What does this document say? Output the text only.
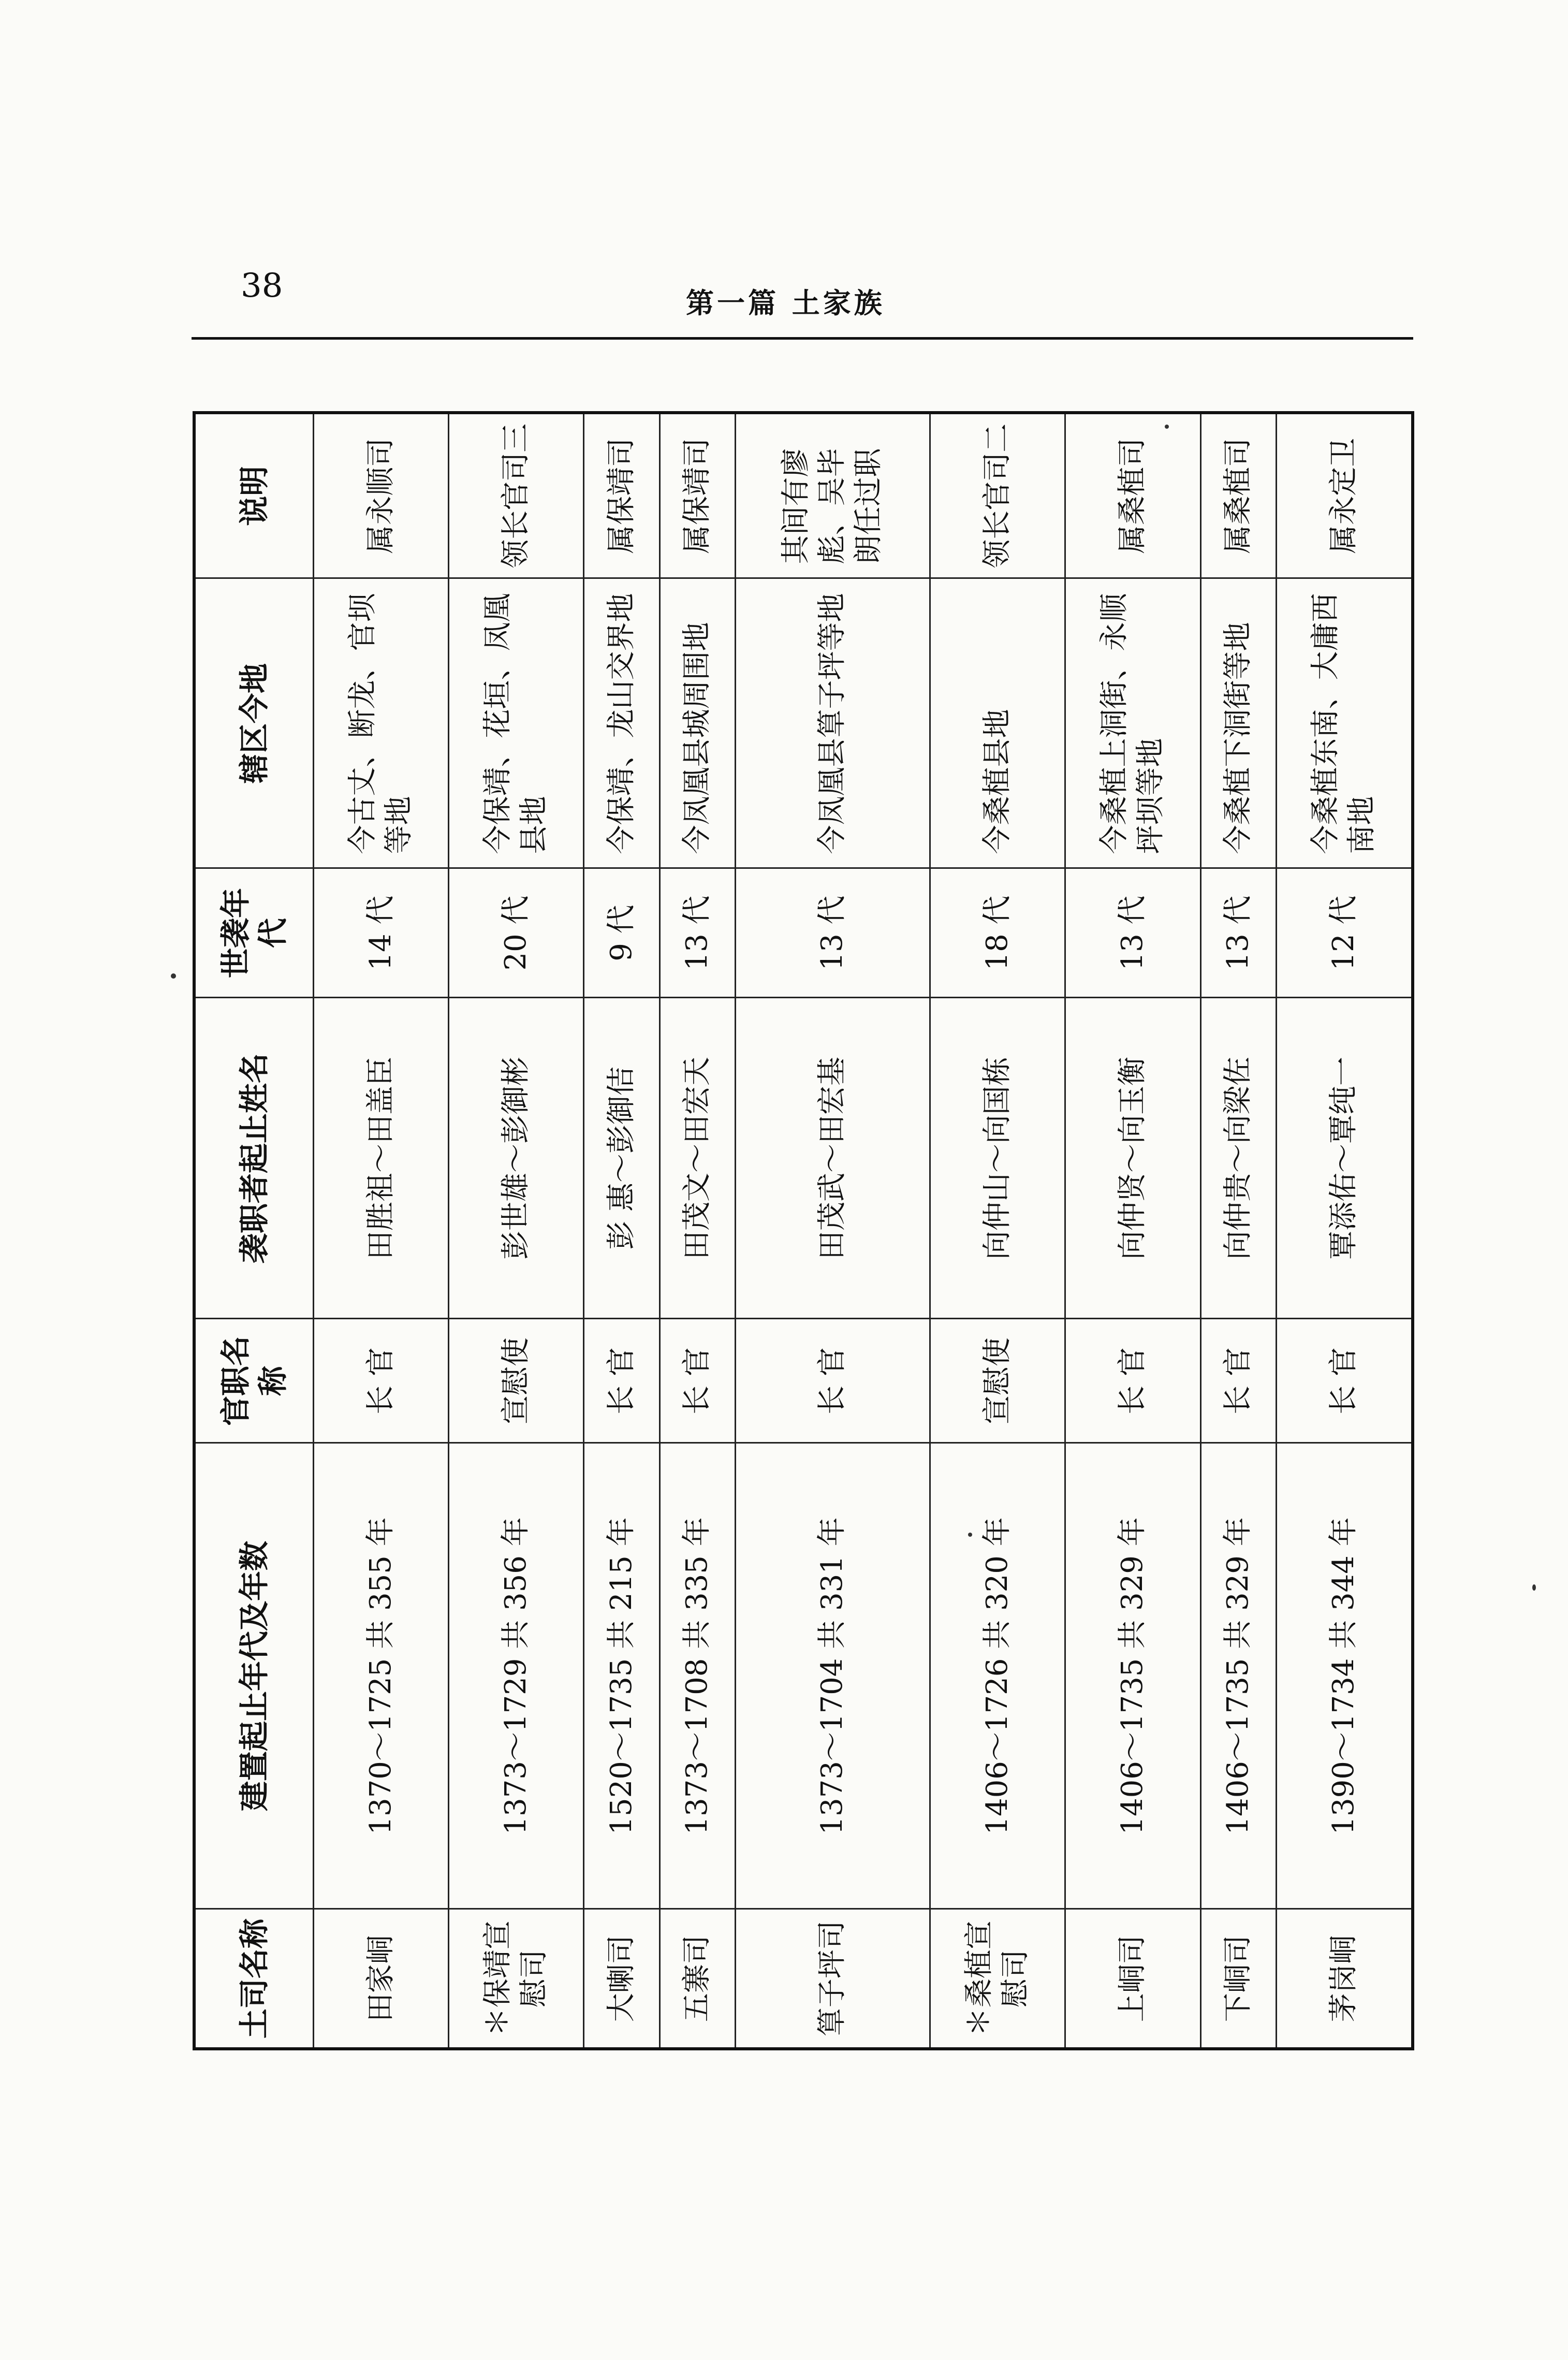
38	第一篇 土家族
土司名称	建置起止年代及年数	官职名称	袭职者起止姓名	世袭年代	辖区今地	说明
田家峒	1370～1725 共 355 年	长 官	田胜祖～田盖臣	14 代	今古丈、断龙、官坝等地	属永顺司
＊保靖宣慰司	1373～1729 共 356 年	宣慰使	彭世雄～彭御彬	20 代	今保靖、花垣、凤凰县地	领长官司三
大喇司	1520～1735 共 215 年	长 官	彭 惠～彭御佶	9 代	今保靖、龙山交界地	属保靖司
五寨司	1373～1708 共 335 年	长 官	田茂文～田宏天	13 代	今凤凰县城周围地	属保靖司
筸子坪司	1373～1704 共 331 年	长 官	田茂武～田宏基	13 代	今凤凰县筸子坪等地	其间有廖彪、吴毕朗任过职
＊桑植宣慰司	1406～1726 共 320 年	宣慰使	向仲山～向国栋	18 代	今桑植县地	领长官司二
上峒司	1406～1735 共 329 年	长 官	向仲贤～向玉衡	13 代	今桑植上洞街、永顺坪坝等地	属桑植司
下峒司	1406～1735 共 329 年	长 官	向仲贵～向梁佐	13 代	今桑植下洞街等地	属桑植司
茅岗峒	1390～1734 共 344 年	长 官	覃添佑～覃纯一	12 代	今桑植东南、大庸西南地	属永定卫
